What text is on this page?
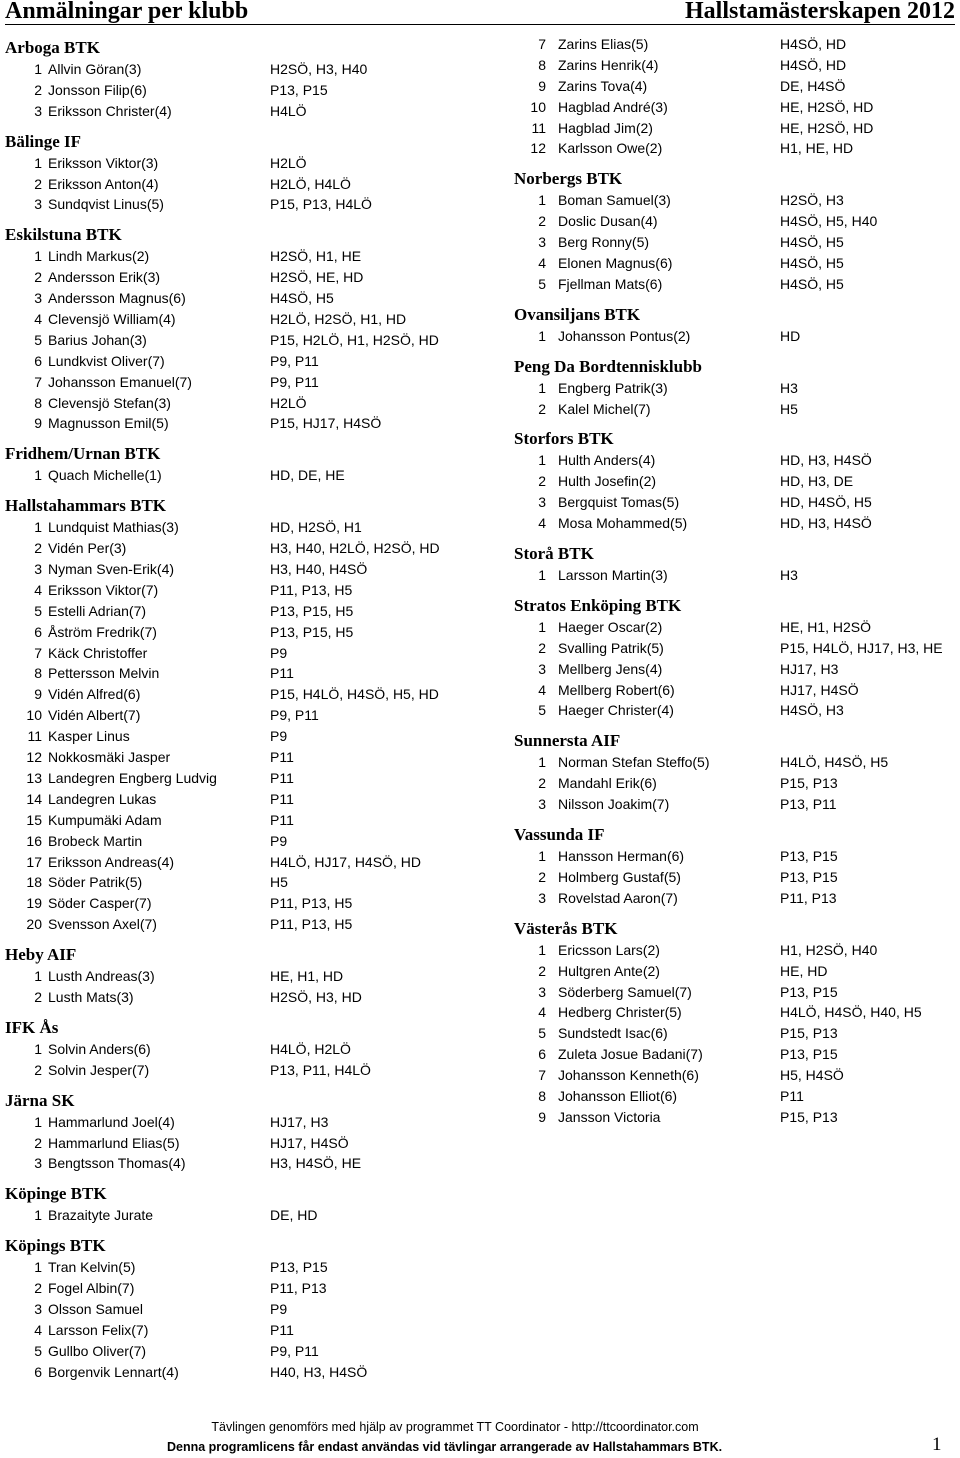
Anmälningar per klubb	Hallstamästerskapen 2012
Arboga BTK
1 Allvin Göran(3)	H2SÖ, H3, H40
2 Jonsson Filip(6)	P13, P15
3 Eriksson Christer(4)	H4LÖ
Bälinge IF
1 Eriksson Viktor(3)	H2LÖ
2 Eriksson Anton(4)	H2LÖ, H4LÖ
3 Sundqvist Linus(5)	P15, P13, H4LÖ
Eskilstuna BTK
1 Lindh Markus(2)	H2SÖ, H1, HE
2 Andersson Erik(3)	H2SÖ, HE, HD
3 Andersson Magnus(6)	H4SÖ, H5
4 Clevensjö William(4)	H2LÖ, H2SÖ, H1, HD
5 Barius Johan(3)	P15, H2LÖ, H1, H2SÖ, HD
6 Lundkvist Oliver(7)	P9, P11
7 Johansson Emanuel(7)	P9, P11
8 Clevensjö Stefan(3)	H2LÖ
9 Magnusson Emil(5)	P15, HJ17, H4SÖ
Fridhem/Urnan BTK
1 Quach Michelle(1)	HD, DE, HE
Hallstahammars BTK
1 Lundquist Mathias(3)	HD, H2SÖ, H1
2 Vidén Per(3)	H3, H40, H2LÖ, H2SÖ, HD
3 Nyman Sven-Erik(4)	H3, H40, H4SÖ
4 Eriksson Viktor(7)	P11, P13, H5
5 Estelli Adrian(7)	P13, P15, H5
6 Åström Fredrik(7)	P13, P15, H5
7 Käck Christoffer	P9
8 Pettersson Melvin	P11
9 Vidén Alfred(6)	P15, H4LÖ, H4SÖ, H5, HD
10 Vidén Albert(7)	P9, P11
11 Kasper Linus	P9
12 Nokkosmäki Jasper	P11
13 Landegren Engberg Ludvig	P11
14 Landegren Lukas	P11
15 Kumpumäki Adam	P11
16 Brobeck Martin	P9
17 Eriksson Andreas(4)	H4LÖ, HJ17, H4SÖ, HD
18 Söder Patrik(5)	H5
19 Söder Casper(7)	P11, P13, H5
20 Svensson Axel(7)	P11, P13, H5
Heby AIF
1 Lusth Andreas(3)	HE, H1, HD
2 Lusth Mats(3)	H2SÖ, H3, HD
IFK Ås
1 Solvin Anders(6)	H4LÖ, H2LÖ
2 Solvin Jesper(7)	P13, P11, H4LÖ
Järna SK
1 Hammarlund Joel(4)	HJ17, H3
2 Hammarlund Elias(5)	HJ17, H4SÖ
3 Bengtsson Thomas(4)	H3, H4SÖ, HE
Köpinge BTK
1 Brazaityte Jurate	DE, HD
Köpings BTK
1 Tran Kelvin(5)	P13, P15
2 Fogel Albin(7)	P11, P13
3 Olsson Samuel	P9
4 Larsson Felix(7)	P11
5 Gullbo Oliver(7)	P9, P11
6 Borgenvik Lennart(4)	H40, H3, H4SÖ
7 Zarins Elias(5)	H4SÖ, HD
8 Zarins Henrik(4)	H4SÖ, HD
9 Zarins Tova(4)	DE, H4SÖ
10 Hagblad André(3)	HE, H2SÖ, HD
11 Hagblad Jim(2)	HE, H2SÖ, HD
12 Karlsson Owe(2)	H1, HE, HD
Norbergs BTK
1 Boman Samuel(3)	H2SÖ, H3
2 Doslic Dusan(4)	H4SÖ, H5, H40
3 Berg Ronny(5)	H4SÖ, H5
4 Elonen Magnus(6)	H4SÖ, H5
5 Fjellman Mats(6)	H4SÖ, H5
Ovansiljans BTK
1 Johansson Pontus(2)	HD
Peng Da Bordtennisklubb
1 Engberg Patrik(3)	H3
2 Kalel Michel(7)	H5
Storfors BTK
1 Hulth Anders(4)	HD, H3, H4SÖ
2 Hulth Josefin(2)	HD, H3, DE
3 Bergquist Tomas(5)	HD, H4SÖ, H5
4 Mosa Mohammed(5)	HD, H3, H4SÖ
Storå BTK
1 Larsson Martin(3)	H3
Stratos Enköping BTK
1 Haeger Oscar(2)	HE, H1, H2SÖ
2 Svalling Patrik(5)	P15, H4LÖ, HJ17, H3, HE
3 Mellberg Jens(4)	HJ17, H3
4 Mellberg Robert(6)	HJ17, H4SÖ
5 Haeger Christer(4)	H4SÖ, H3
Sunnersta AIF
1 Norman Stefan Steffo(5)	H4LÖ, H4SÖ, H5
2 Mandahl Erik(6)	P15, P13
3 Nilsson Joakim(7)	P13, P11
Vassunda IF
1 Hansson Herman(6)	P13, P15
2 Holmberg Gustaf(5)	P13, P15
3 Rovelstad Aaron(7)	P11, P13
Västerås BTK
1 Ericsson Lars(2)	H1, H2SÖ, H40
2 Hultgren Ante(2)	HE, HD
3 Söderberg Samuel(7)	P13, P15
4 Hedberg Christer(5)	H4LÖ, H4SÖ, H40, H5
5 Sundstedt Isac(6)	P15, P13
6 Zuleta Josue Badani(7)	P13, P15
7 Johansson Kenneth(6)	H5, H4SÖ
8 Johansson Elliot(6)	P11
9 Jansson Victoria	P15, P13
Tävlingen genomförs med hjälp av programmet TT Coordinator - http://ttcoordinator.com
Denna programlicens får endast användas vid tävlingar arrangerade av Hallstahammars BTK.	1
